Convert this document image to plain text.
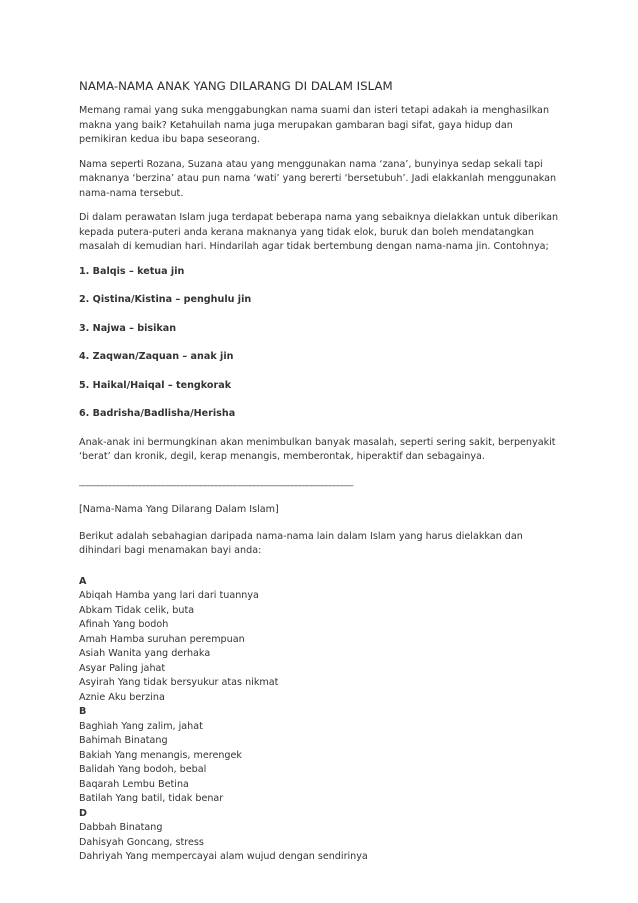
NAMA-NAMA ANAK YANG DILARANG DI DALAM ISLAM

Memang ramai yang suka menggabungkan nama suami dan isteri tetapi adakah ia menghasilkan makna yang baik? Ketahuilah nama juga merupakan gambaran bagi sifat, gaya hidup dan pemikiran kedua ibu bapa seseorang.

Nama seperti Rozana, Suzana atau yang menggunakan nama ‘zana’, bunyinya sedap sekali tapi maknanya ‘berzina’ atau pun nama ‘wati’ yang bererti ‘bersetubuh’. Jadi elakkanlah menggunakan nama-nama tersebut.

Di dalam perawatan Islam juga terdapat beberapa nama yang sebaiknya dielakkan untuk diberikan kepada putera-puteri anda kerana maknanya yang tidak elok, buruk dan boleh mendatangkan masalah di kemudian hari. Hindarilah agar tidak bertembung dengan nama-nama jin. Contohnya;

1. Balqis – ketua jin
2. Qistina/Kistina – penghulu jin
3. Najwa – bisikan
4. Zaqwan/Zaquan – anak jin
5. Haikal/Haiqal – tengkorak
6. Badrisha/Badlisha/Herisha

Anak-anak ini bermungkinan akan menimbulkan banyak masalah, seperti sering sakit, berpenyakit ‘berat’ dan kronik, degil, kerap menangis, memberontak, hiperaktif dan sebagainya.

________________________________________________________________________

[Nama-Nama Yang Dilarang Dalam Islam]

Berikut adalah sebahagian daripada nama-nama lain dalam Islam yang harus dielakkan dan dihindari bagi menamakan bayi anda:

A
Abiqah Hamba yang lari dari tuannya
Abkam Tidak celik, buta
Afinah Yang bodoh
Amah Hamba suruhan perempuan
Asiah Wanita yang derhaka
Asyar Paling jahat
Asyirah Yang tidak bersyukur atas nikmat
Aznie Aku berzina
B
Baghiah Yang zalim, jahat
Bahimah Binatang
Bakiah Yang menangis, merengek
Balidah Yang bodoh, bebal
Baqarah Lembu Betina
Batilah Yang batil, tidak benar
D
Dabbah Binatang
Dahisyah Goncang, stress
Dahriyah Yang mempercayai alam wujud dengan sendirinya
